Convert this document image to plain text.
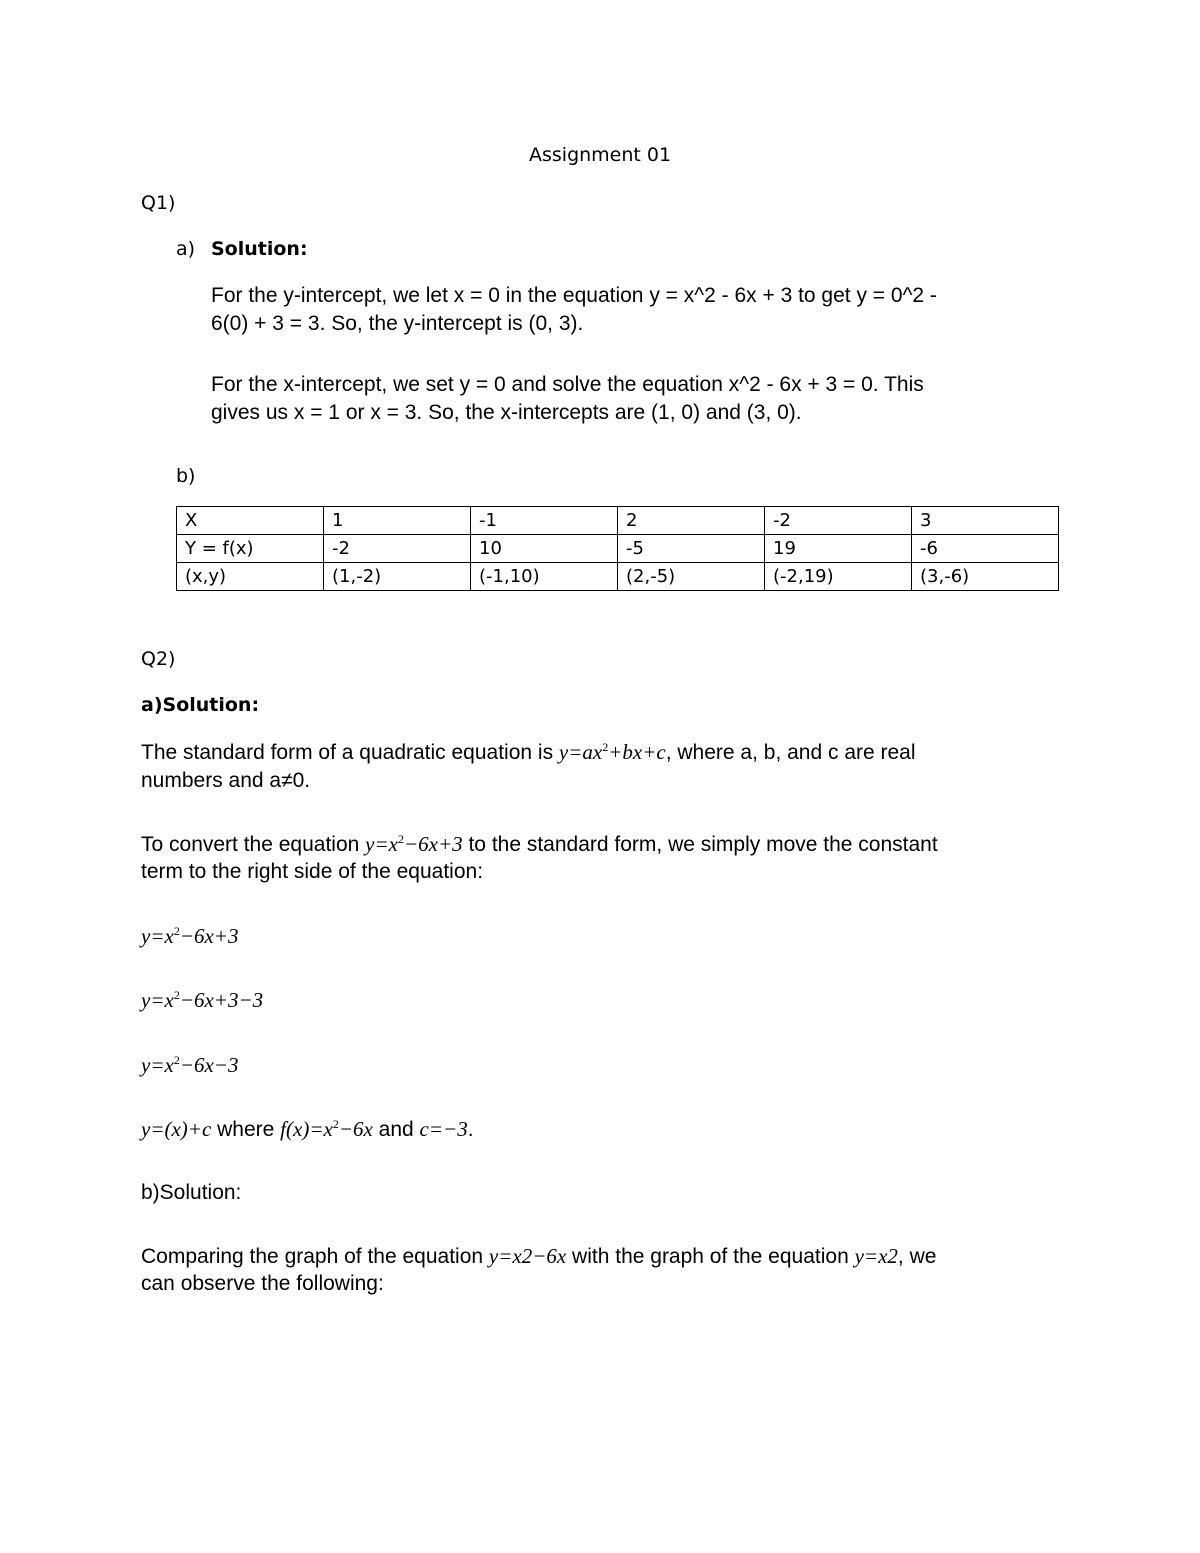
Assignment 01
Q1)
a) Solution:
For the y-intercept, we let x = 0 in the equation y = x^2 - 6x + 3 to get y = 0^2 -
6(0) + 3 = 3. So, the y-intercept is (0, 3).
For the x-intercept, we set y = 0 and solve the equation x^2 - 6x + 3 = 0. This
gives us x = 1 or x = 3. So, the x-intercepts are (1, 0) and (3, 0).
b)
X	1	-1	2	-2	3
Y = f(x)	-2	10	-5	19	-6
(x,y)	(1,-2)	(-1,10)	(2,-5)	(-2,19)	(3,-6)
Q2)
a)Solution:
The standard form of a quadratic equation is $y=ax^2+bx+c$, where a, b, and c are real
numbers and a≠0.
To convert the equation $y=x^2-6x+3$ to the standard form, we simply move the constant
term to the right side of the equation:
$y=x^2-6x+3$
$y=x^2-6x+3-3$
$y=x^2-6x-3$
y=(x)+c where $f(x)=x^2-6x$ and c=−3.
b)Solution:
Comparing the graph of the equation y=x2−6x with the graph of the equation y=x2, we
can observe the following:
